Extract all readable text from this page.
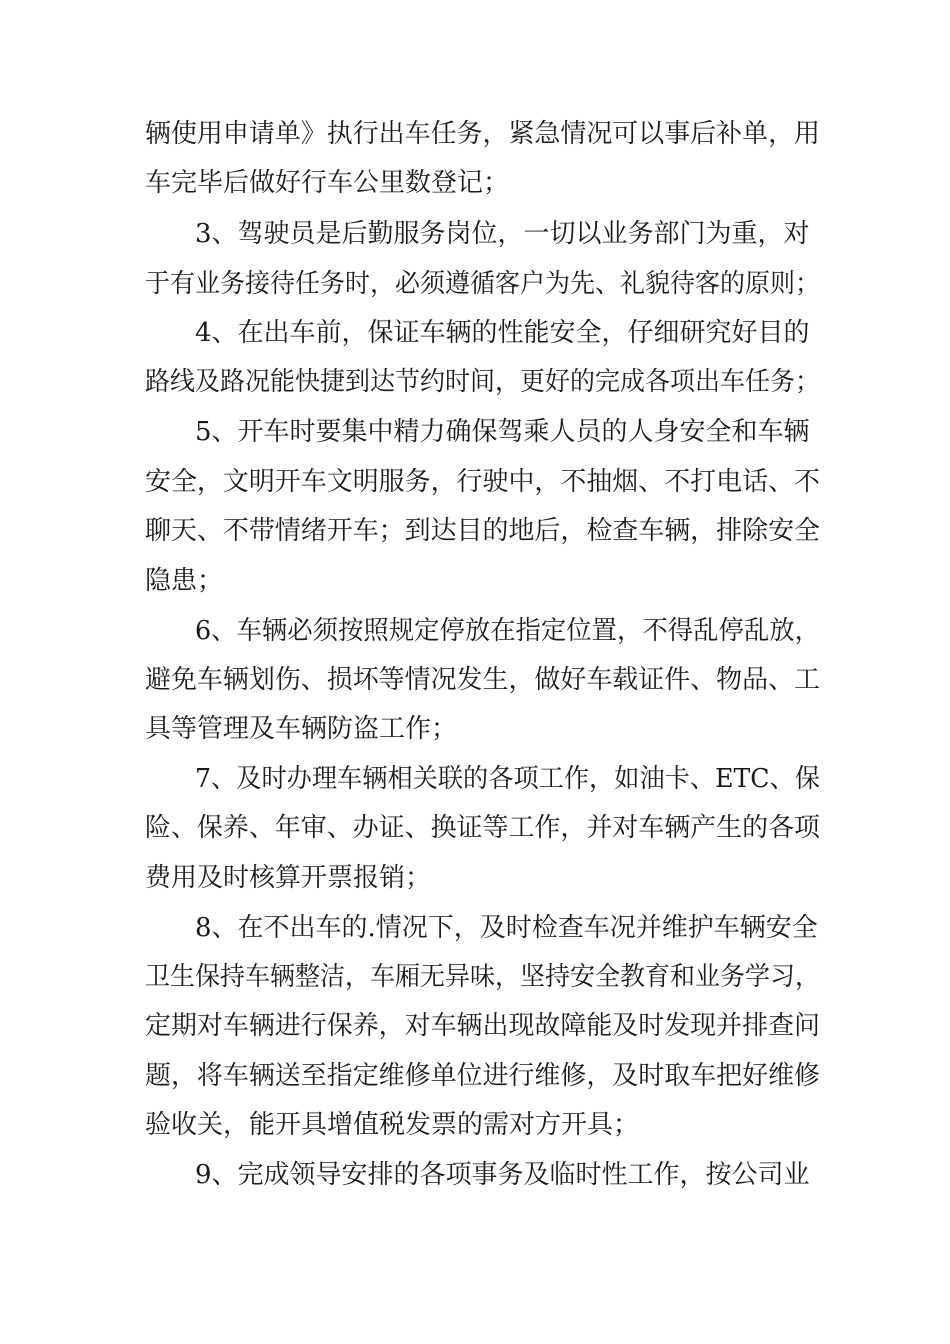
辆使用申请单》执行出车任务，紧急情况可以事后补单，用
车完毕后做好行车公里数登记；
3、驾驶员是后勤服务岗位，一切以业务部门为重，对
于有业务接待任务时，必须遵循客户为先、礼貌待客的原则；
4、在出车前，保证车辆的性能安全，仔细研究好目的
路线及路况能快捷到达节约时间，更好的完成各项出车任务；
5、开车时要集中精力确保驾乘人员的人身安全和车辆
安全，文明开车文明服务，行驶中，不抽烟、不打电话、不
聊天、不带情绪开车；到达目的地后，检查车辆，排除安全
隐患；
6、车辆必须按照规定停放在指定位置，不得乱停乱放，
避免车辆划伤、损坏等情况发生，做好车载证件、物品、工
具等管理及车辆防盗工作；
7、及时办理车辆相关联的各项工作，如油卡、ETC、保
险、保养、年审、办证、换证等工作，并对车辆产生的各项
费用及时核算开票报销；
8、在不出车的.情况下，及时检查车况并维护车辆安全
卫生保持车辆整洁，车厢无异味，坚持安全教育和业务学习，
定期对车辆进行保养，对车辆出现故障能及时发现并排查问
题，将车辆送至指定维修单位进行维修，及时取车把好维修
验收关，能开具增值税发票的需对方开具；
9、完成领导安排的各项事务及临时性工作，按公司业
